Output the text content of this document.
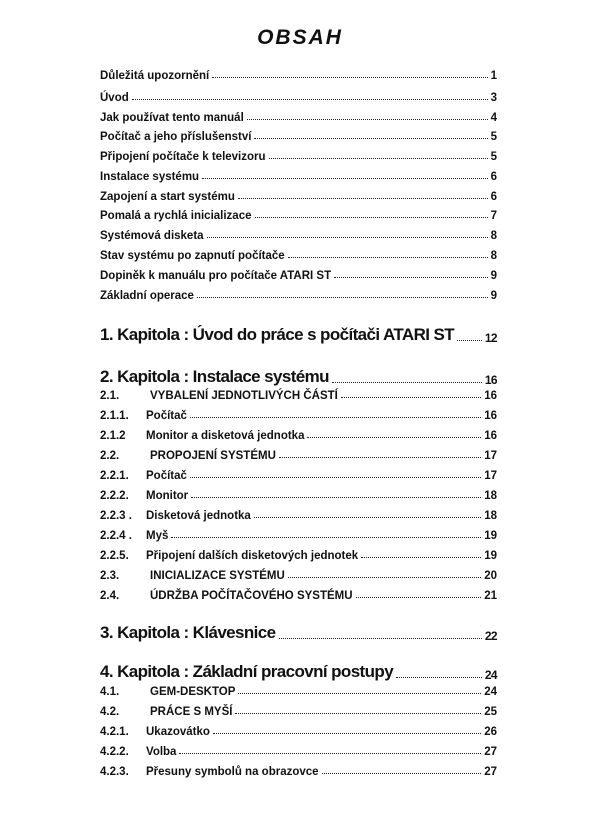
OBSAH
Důležitá upozornění	1
Úvod	3
Jak používat tento manuál	4
Počítač a jeho příslušenství	5
Připojení počítače k televizoru	5
Instalace systému	6
Zapojení a start systému	6
Pomalá a rychlá inicializace	7
Systémová disketa	8
Stav systému po zapnutí počítače	8
Dopiněk k manuálu pro počítače ATARI ST	9
Základní operace	9
1. Kapitola : Úvod do práce s počítači ATARI ST	12
2. Kapitola : Instalace systému	16
2.1.	VYBALENÍ JEDNOTLIVÝCH ČÁSTÍ	16
2.1.1.	Počítač	16
2.1.2	Monitor a disketová jednotka	16
2.2.	PROPOJENÍ SYSTÉMU	17
2.2.1.	Počítač	17
2.2.2.	Monitor	18
2.2.3 .	Disketová jednotka	18
2.2.4 .	Myš	19
2.2.5.	Připojení dalších disketových jednotek	19
2.3.	INICIALIZACE SYSTÉMU	20
2.4.	ÚDRŽBA POČÍTAČOVÉHO SYSTÉMU	21
3. Kapitola : Klávesnice	22
4. Kapitola : Základní pracovní postupy	24
4.1.	GEM-DESKTOP	24
4.2.	PRÁCE S MYŠÍ	25
4.2.1.	Ukazovátko	26
4.2.2.	Volba	27
4.2.3.	Přesuny symbolů na obrazovce	27
